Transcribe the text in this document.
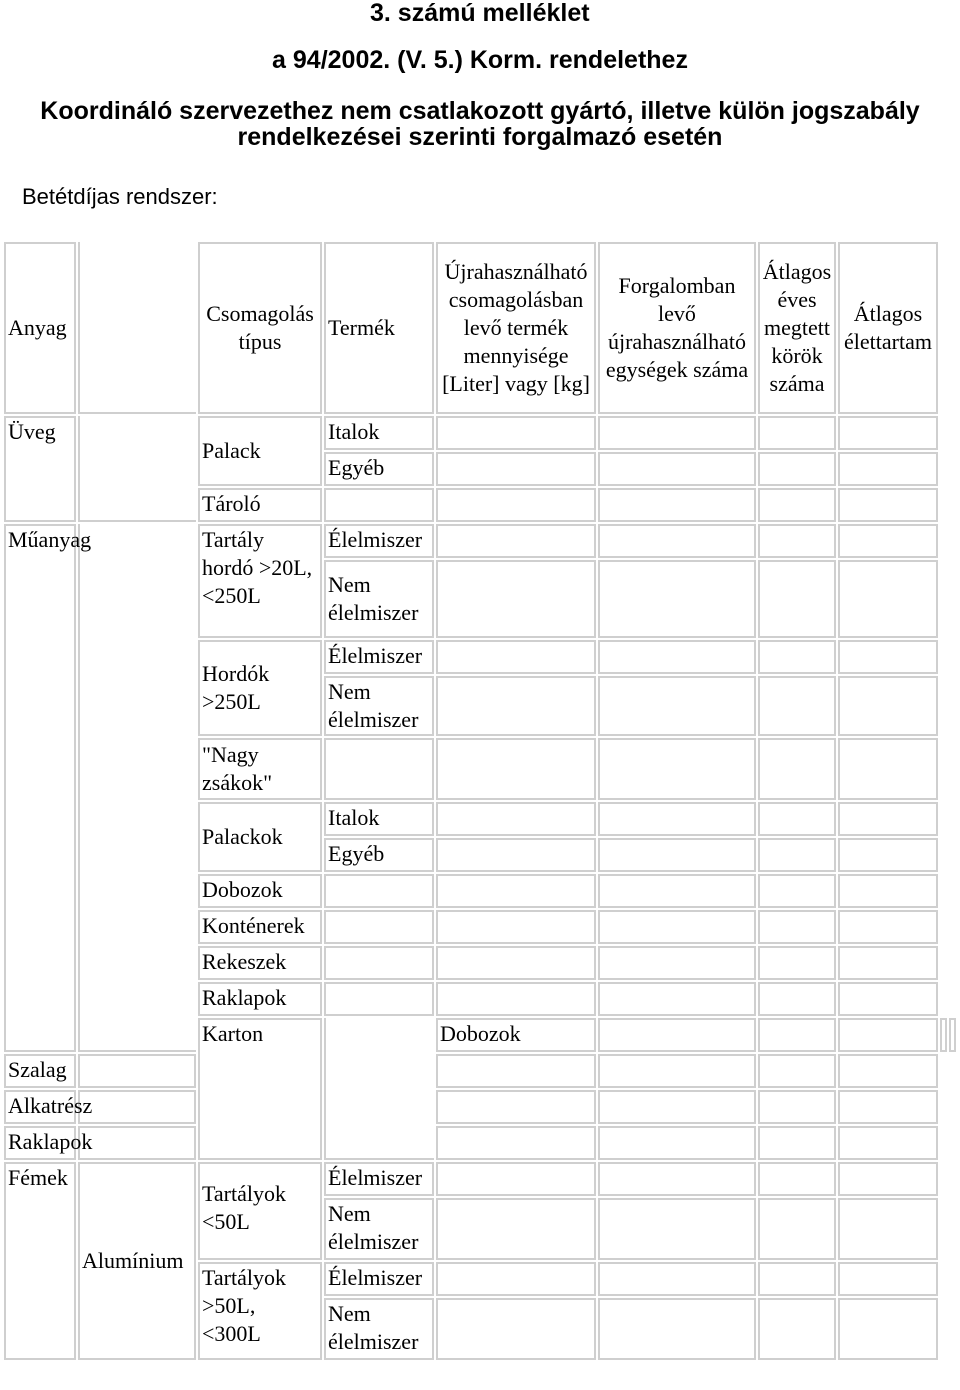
3. számú melléklet
a 94/2002. (V. 5.) Korm. rendelethez
Koordináló szervezethez nem csatlakozott gyártó, illetve külön jogszabály
rendelkezései szerinti forgalmazó esetén
Betétdíjas rendszer:
Anyag		Csomagolás típus	Termék	Újrahasználható csomagolásban levő termék mennyisége [Liter] vagy [kg]	Forgalomban levő újrahasználható egységek száma	Átlagos éves megtett körök száma	Átlagos élettartam		
Üveg		Palack	Italok						
			Egyéb						
		Tároló							
Műanyag		Tartály hordó >20L, <250L	Élelmiszer						
			Nem élelmiszer						
		Hordók >250L	Élelmiszer						
			Nem élelmiszer						
		"Nagy zsákok"							
		Palackok	Italok						
			Egyéb						
		Dobozok							
		Konténerek							
		Rekeszek							
		Raklapok							
		Karton		Dobozok					
Szalag									
Alkatrész									
Raklapok									
Fémek	Alumínium	Tartályok <50L	Élelmiszer						
			Nem élelmiszer						
		Tartályok >50L, <300L	Élelmiszer						
			Nem élelmiszer						
